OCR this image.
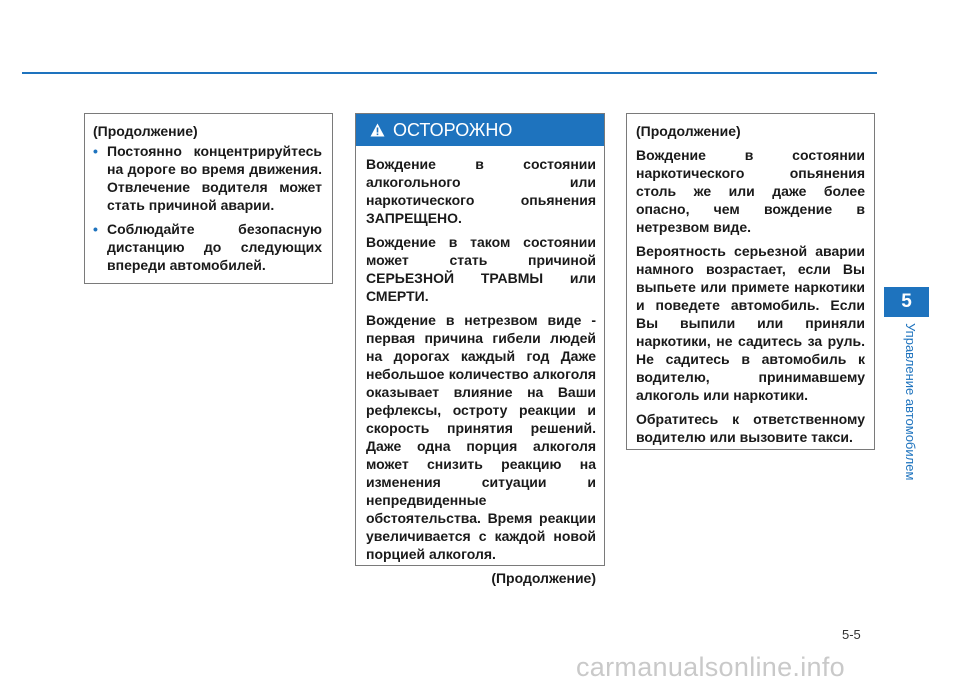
(Продолжение)

• Постоянно концентрируйтесь на дороге во время движения. Отвлечение водителя может стать причиной аварии.
• Соблюдайте безопасную дистанцию до следующих впереди автомобилей.
ОСТОРОЖНО

Вождение в состоянии алкогольного или наркотического опьянения ЗАПРЕЩЕНО.

Вождение в таком состоянии может стать причиной СЕРЬЕЗНОЙ ТРАВМЫ или СМЕРТИ.

Вождение в нетрезвом виде - первая причина гибели людей на дорогах каждый год Даже небольшое количество алкоголя оказывает влияние на Ваши рефлексы, остроту реакции и скорость принятия решений. Даже одна порция алкоголя может снизить реакцию на изменения ситуации и непредвиденные обстоятельства. Время реакции увеличивается с каждой новой порцией алкоголя.

(Продолжение)

(Продолжение)

Вождение в состоянии наркотического опьянения столь же или даже более опасно, чем вождение в нетрезвом виде.

Вероятность серьезной аварии намного возрастает, если Вы выпьете или примете наркотики и поведете автомобиль. Если Вы выпили или приняли наркотики, не садитесь за руль. Не садитесь в автомобиль к водителю, принимавшему алкоголь или наркотики.

Обратитесь к ответственному водителю или вызовите такси.

5
Управление автомобилем
5-5
carmanualsonline.info
